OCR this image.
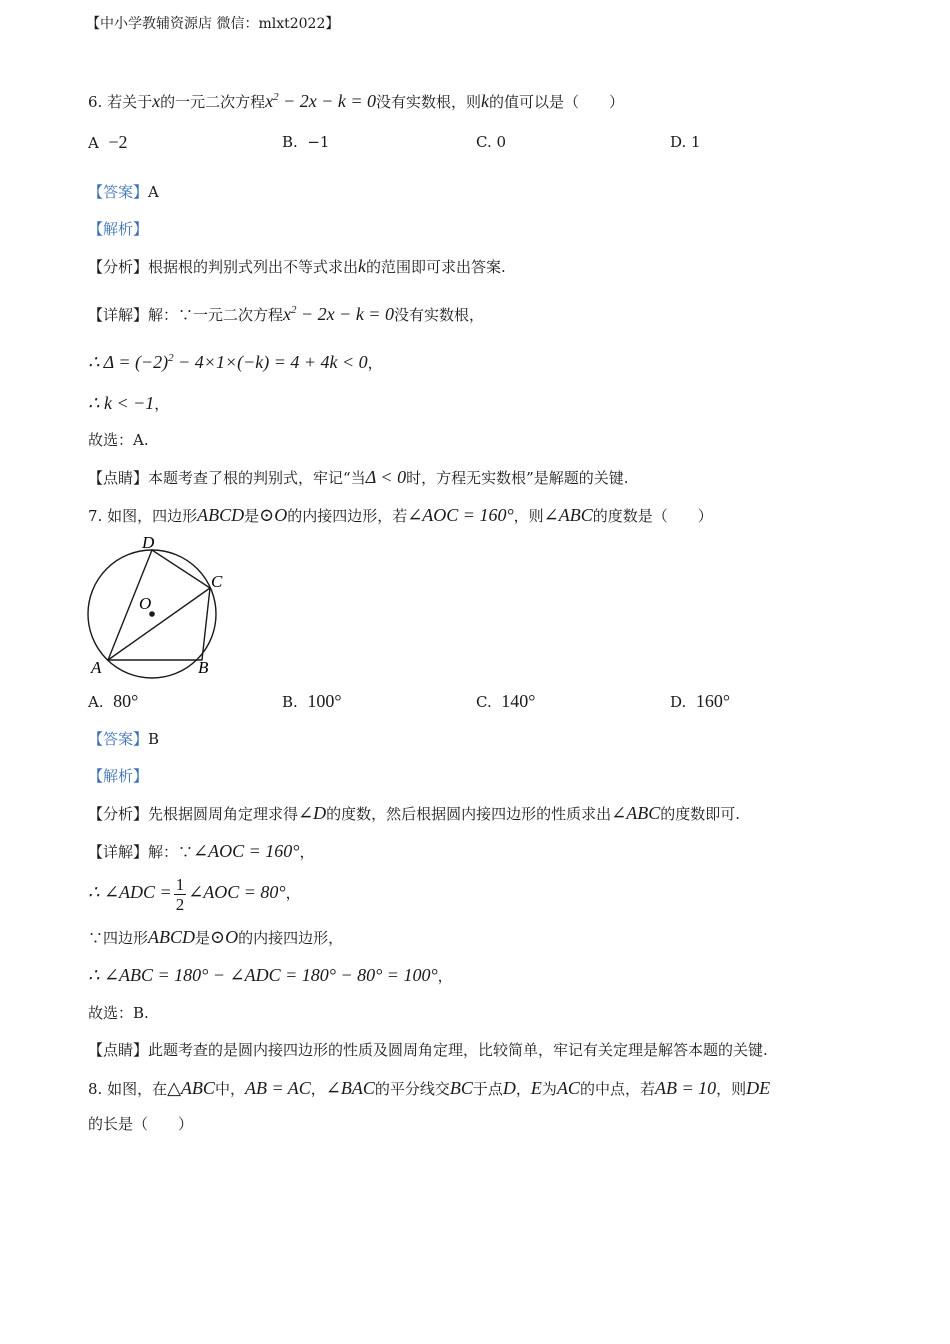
【中小学教辅资源店 微信：mlxt2022】
6. 若关于x的一元二次方程$x^2 - 2x - k = 0$没有实数根，则k的值可以是（　　）
A −2	B. −1	C. 0	D. 1
【答案】A
【解析】
【分析】根据根的判别式列出不等式求出k的范围即可求出答案.
【详解】解：∵一元二次方程$x^2 - 2x - k = 0$没有实数根，
∴ $\Delta = (-2)^2 - 4\times 1\times(-k) = 4 + 4k < 0$，
∴ k < −1，
故选：A.
【点睛】本题考查了根的判别式，牢记“当Δ < 0时，方程无实数根”是解题的关键.
7. 如图，四边形ABCD是⊙O的内接四边形，若∠AOC = 160°，则∠ABC的度数是（　　）
D
C
O
A	B
A. 80°	B. 100°	C. 140°	D. 160°
【答案】B
【解析】
【分析】先根据圆周角定理求得∠D的度数，然后根据圆内接四边形的性质求出∠ABC的度数即可.
【详解】解：∵∠AOC = 160°，
∴ ∠ADC = $\frac{1}{2}$ ∠AOC = 80°，
∵四边形ABCD是⊙O的内接四边形，
∴ ∠ABC = 180° − ∠ADC = 180° − 80° = 100°，
故选：B.
【点睛】此题考查的是圆内接四边形的性质及圆周角定理，比较简单，牢记有关定理是解答本题的关键.
8. 如图，在△ABC中，AB = AC，∠BAC的平分线交BC于点D，E为AC的中点，若AB = 10，则DE
的长是（　　）
